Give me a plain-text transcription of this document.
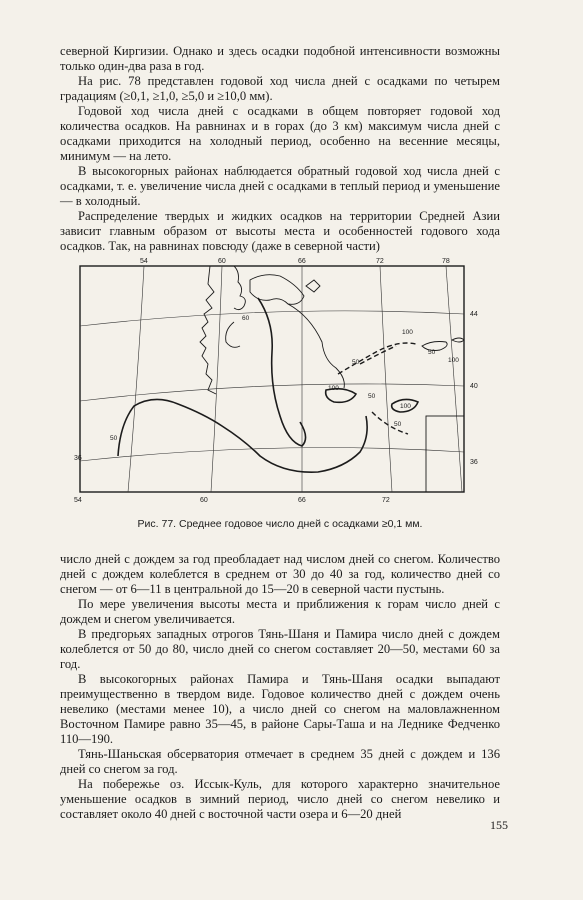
северной Киргизии. Однако и здесь осадки подобной интенсивности возможны только один-два раза в год.

На рис. 78 представлен годовой ход числа дней с осадками по четырем градациям (≥0,1, ≥1,0, ≥5,0 и ≥10,0 мм).

Годовой ход числа дней с осадками в общем повторяет годовой ход количества осадков. На равнинах и в горах (до 3 км) максимум числа дней с осадками приходится на холодный период, особенно на весенние месяцы, минимум — на лето.

В высокогорных районах наблюдается обратный годовой ход числа дней с осадками, т. е. увеличение числа дней с осадками в теплый период и уменьшение — в холодный.

Распределение твердых и жидких осадков на территории Средней Азии зависит главным образом от высоты места и особенностей годового хода осадков. Так, на равнинах повсюду (даже в северной части)

54	60	66	72	78
54	60	66	72
44
40
36
36
60
50
50
100
100
100
50
50
50
100
Рис. 77. Среднее годовое число дней с осадками ≥0,1 мм.

число дней с дождем за год преобладает над числом дней со снегом. Количество дней с дождем колеблется в среднем от 30 до 40 за год, количество дней со снегом — от 6—11 в центральной до 15—20 в северной части пустынь.

По мере увеличения высоты места и приближения к горам число дней с дождем и снегом увеличивается.

В предгорьях западных отрогов Тянь-Шаня и Памира число дней с дождем колеблется от 50 до 80, число дней со снегом составляет 20—50, местами 60 за год.

В высокогорных районах Памира и Тянь-Шаня осадки выпадают преимущественно в твердом виде. Годовое количество дней с дождем очень невелико (местами менее 10), а число дней со снегом на маловлажненном Восточном Памире равно 35—45, в районе Сары-Таша и на Леднике Федченко 110—190.

Тянь-Шаньская обсерватория отмечает в среднем 35 дней с дождем и 136 дней со снегом за год.

На побережье оз. Иссык-Куль, для которого характерно значительное уменьшение осадков в зимний период, число дней со снегом невелико и составляет около 40 дней с восточной части озера и 6—20 дней

155
